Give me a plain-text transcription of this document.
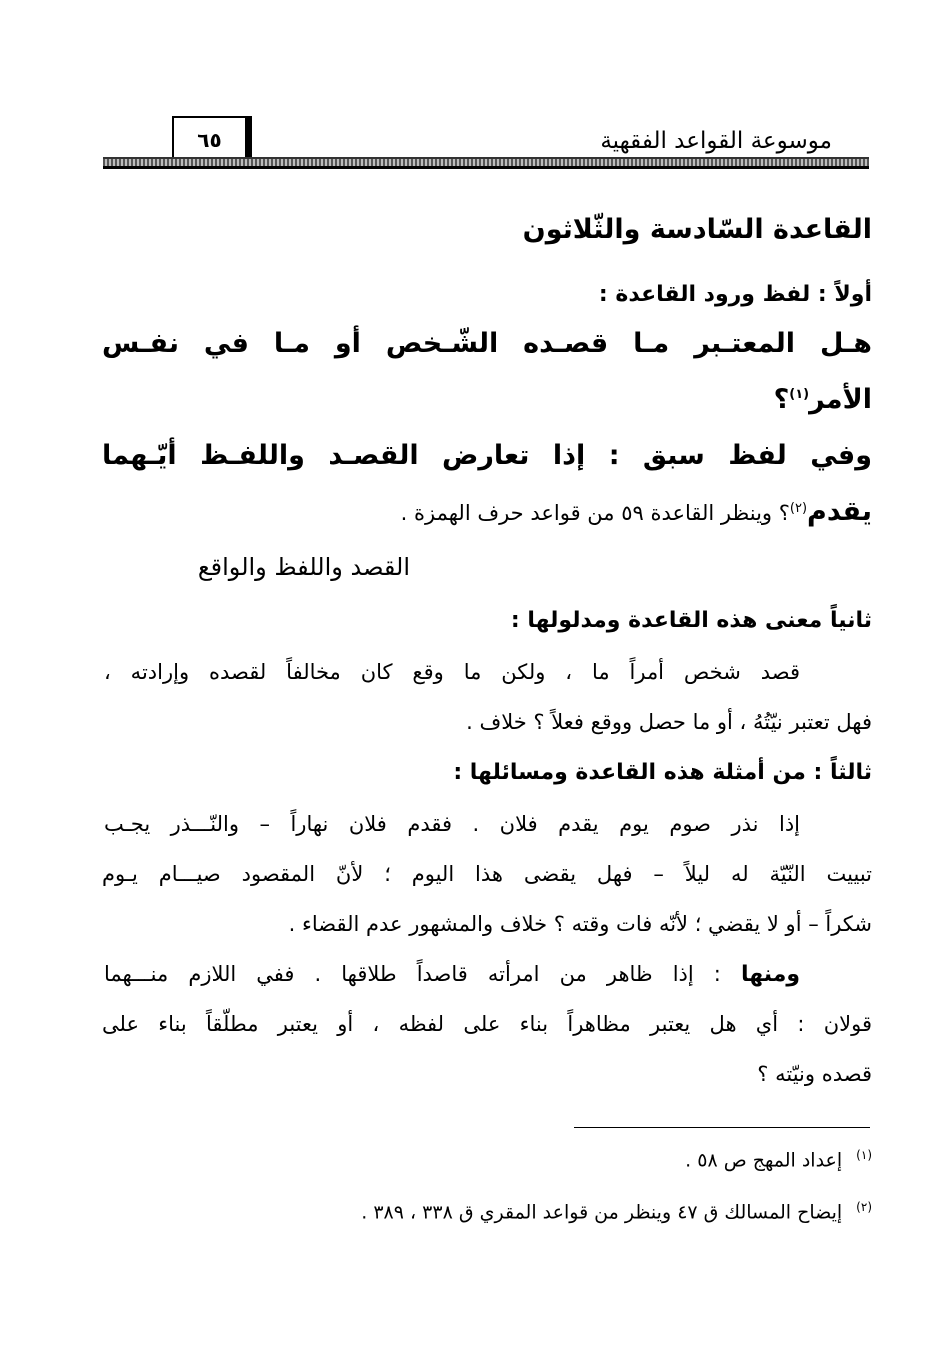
موسوعة القواعد الفقهية
٦٥
القاعدة السّادسة والثّلاثون
أولاً : لفظ ورود القاعدة :
هـل المعتـبر مـا قصـده الشّـخص أو مـا في نفـس
الأمر$^{(١)}$؟
وفي لفظ سبق : إذا تعارض القصـد واللفـظ أيّـهما
يقدم$^{(٢)}$؟ وينظر القاعدة ٥٩ من قواعد حرف الهمزة .
القصد واللفظ والواقع
ثانياً معنى هذه القاعدة ومدلولها :
قصد شخص أمراً ما ، ولكن ما وقع كان مخالفاً لقصده وإرادته ،
فهل تعتبر نيّتُهُ ، أو ما حصل ووقع فعلاً ؟ خلاف .
ثالثاً : من أمثلة هذه القاعدة ومسائلها :
إذا نذر صوم يوم يقدم فلان . فقدم فلان نهاراً – والنّـــذر يجـب
تبييت النّيّة له ليلاً – فهل يقضى هذا اليوم ؛ لأنّ المقصود صيـــام يـوم
شكراً – أو لا يقضي ؛ لأنّه فات وقته ؟ خلاف والمشهور عدم القضاء .
ومنها : إذا ظاهر من امرأته قاصداً طلاقها . ففي اللازم منـــهما
قولان : أي هل يعتبر مظاهراً بناء على لفظه ، أو يعتبر مطلّقاً بناء على
قصده ونيّته ؟
$^{(١)}$إعداد المهج ص ٥٨ .
$^{(٢)}$إيضاح المسالك ق ٤٧ وينظر من قواعد المقري ق ٣٣٨ ، ٣٨٩ .
